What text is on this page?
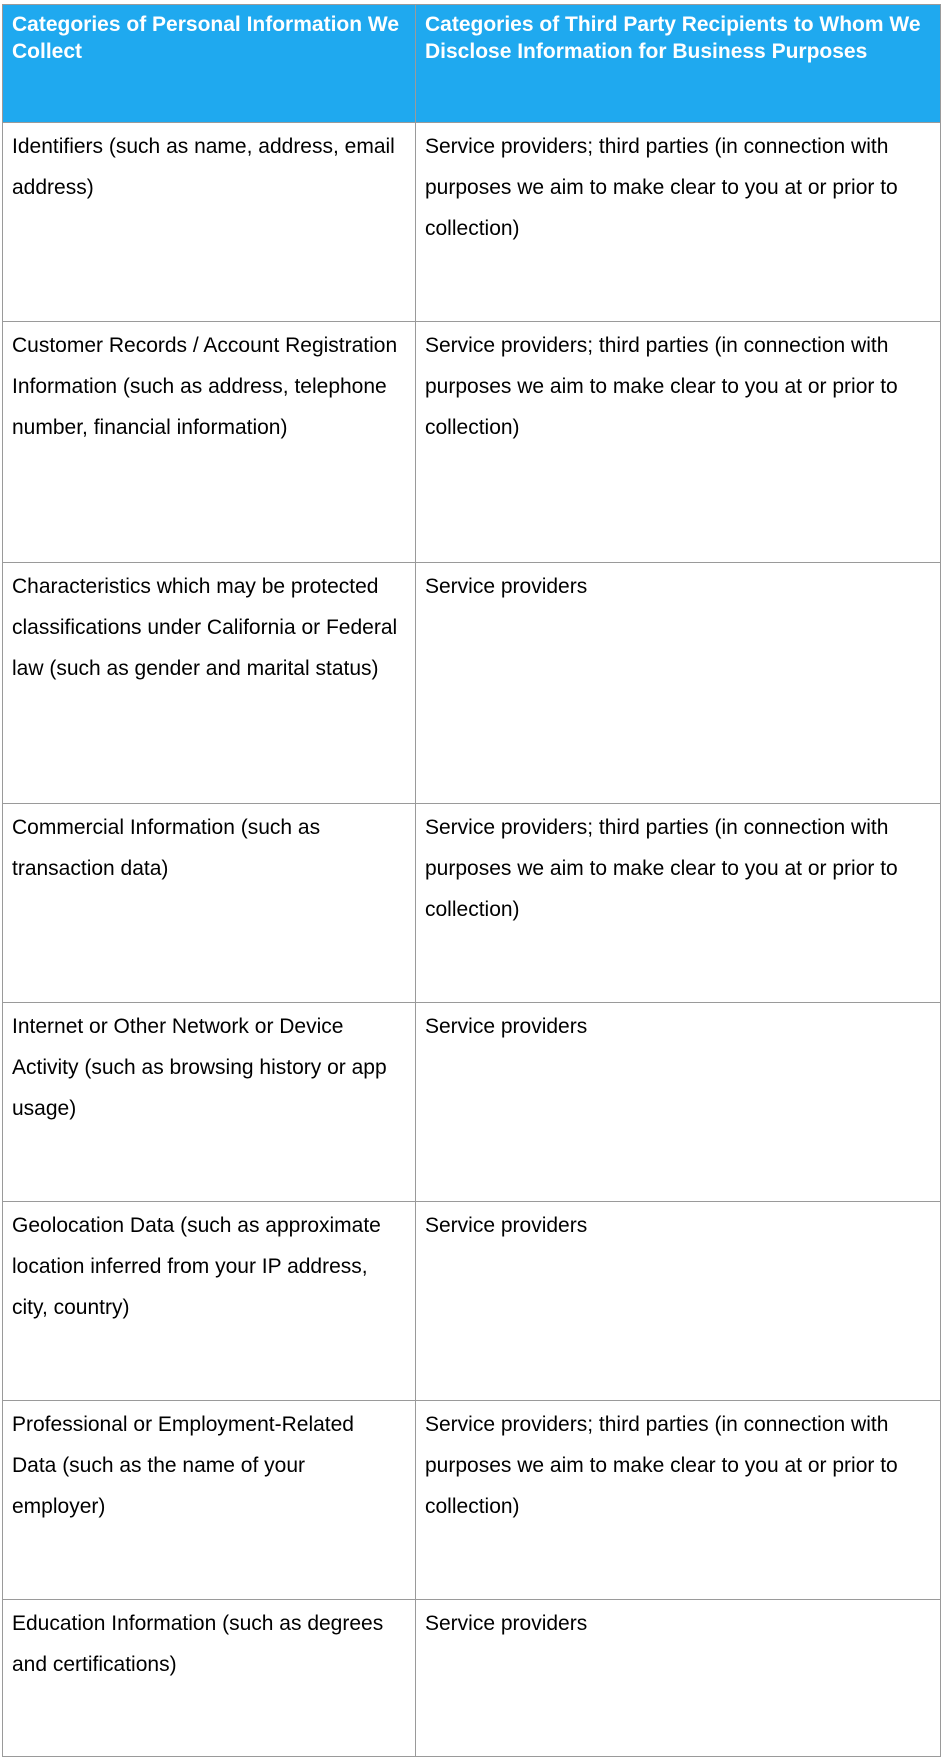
Categories of Personal Information We Collect	Categories of Third Party Recipients to Whom We Disclose Information for Business Purposes
Identifiers (such as name, address, email address)	Service providers; third parties (in connection with purposes we aim to make clear to you at or prior to collection)
Customer Records / Account Registration Information (such as address, telephone number, financial information)	Service providers; third parties (in connection with purposes we aim to make clear to you at or prior to collection)
Characteristics which may be protected classifications under California or Federal law (such as gender and marital status)	Service providers
Commercial Information (such as transaction data)	Service providers; third parties (in connection with purposes we aim to make clear to you at or prior to collection)
Internet or Other Network or Device Activity (such as browsing history or app usage)	Service providers
Geolocation Data (such as approximate location inferred from your IP address, city, country)	Service providers
Professional or Employment-Related Data (such as the name of your employer)	Service providers; third parties (in connection with purposes we aim to make clear to you at or prior to collection)
Education Information (such as degrees and certifications)	Service providers
